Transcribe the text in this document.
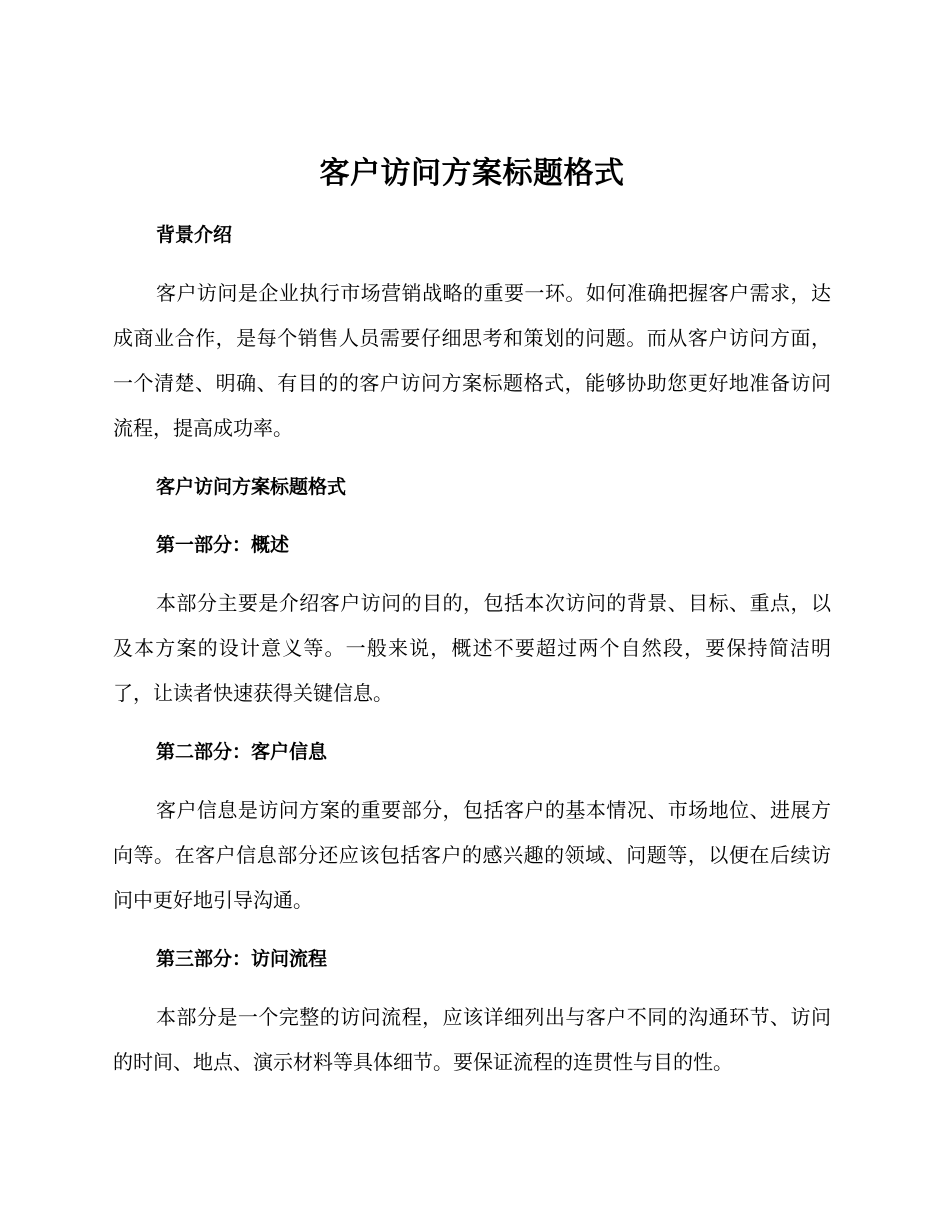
客户访问方案标题格式
背景介绍

客户访问是企业执行市场营销战略的重要一环。如何准确把握客户需求，达成商业合作，是每个销售人员需要仔细思考和策划的问题。而从客户访问方面，一个清楚、明确、有目的的客户访问方案标题格式，能够协助您更好地准备访问流程，提高成功率。

客户访问方案标题格式
第一部分：概述

本部分主要是介绍客户访问的目的，包括本次访问的背景、目标、重点，以及本方案的设计意义等。一般来说，概述不要超过两个自然段，要保持简洁明了，让读者快速获得关键信息。

第二部分：客户信息

客户信息是访问方案的重要部分，包括客户的基本情况、市场地位、进展方向等。在客户信息部分还应该包括客户的感兴趣的领域、问题等，以便在后续访问中更好地引导沟通。

第三部分：访问流程

本部分是一个完整的访问流程，应该详细列出与客户不同的沟通环节、访问的时间、地点、演示材料等具体细节。要保证流程的连贯性与目的性。
